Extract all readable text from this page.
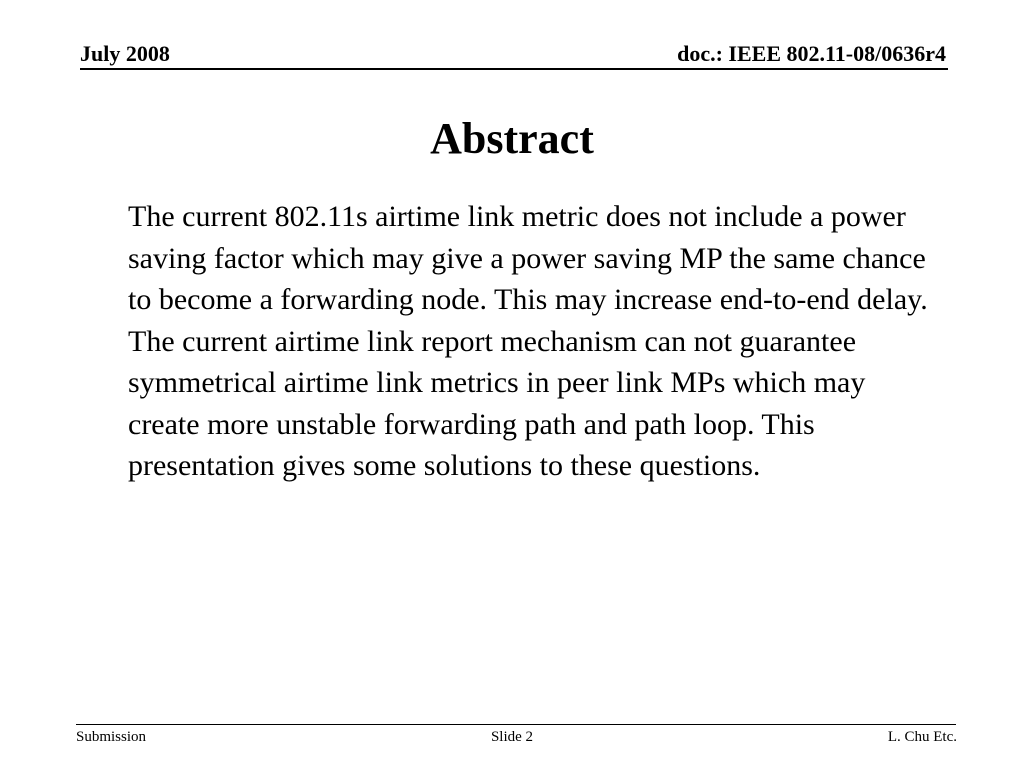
July 2008	doc.: IEEE 802.11-08/0636r4
Abstract
The current 802.11s airtime link metric does not include a power saving factor which may give a power saving MP the same chance to become a forwarding node. This may increase end-to-end delay. The current airtime link report mechanism can not guarantee symmetrical airtime link metrics in peer link MPs which may create more unstable forwarding path and path loop. This presentation gives some solutions to these questions.
Submission	Slide 2	L. Chu Etc.
